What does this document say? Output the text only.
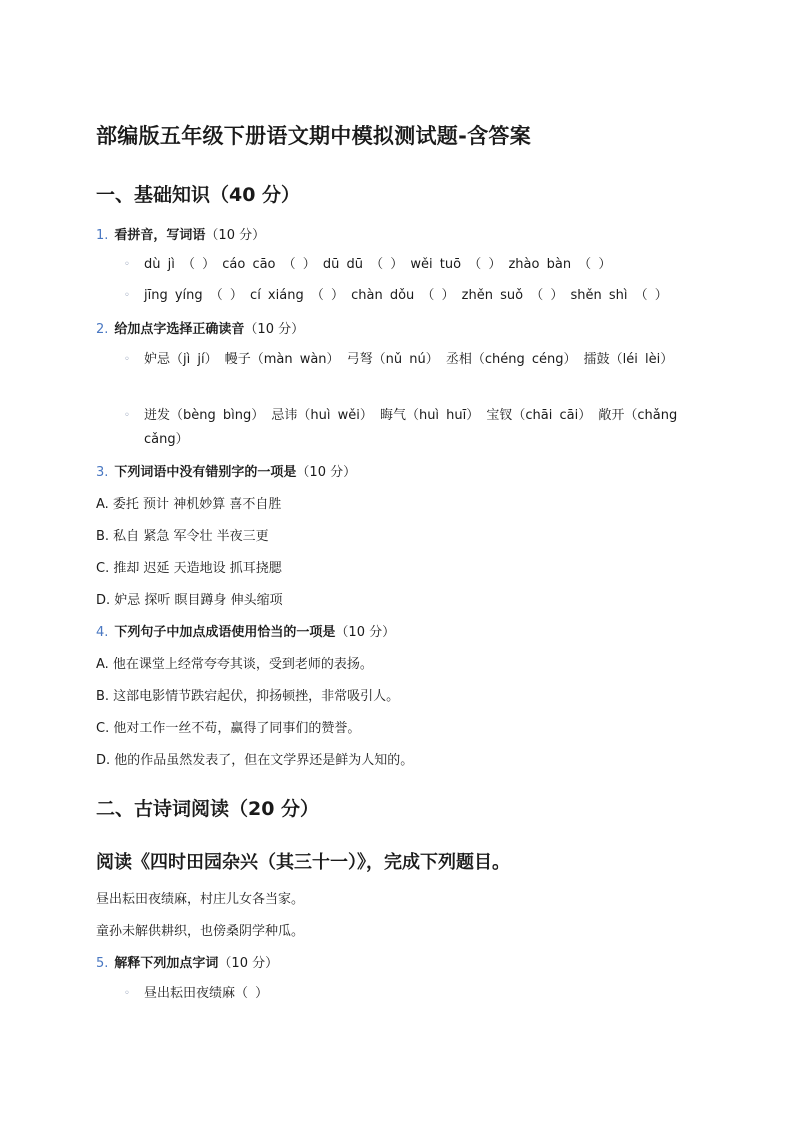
部编版五年级下册语文期中模拟测试题-含答案
一、基础知识（40 分）
1. 看拼音，写词语（10 分）
◦ dù jì （ ） cáo cāo （ ） dū dū （ ） wěi tuō （ ） zhào bàn （ ）
◦ jīng yíng （ ） cí xiáng （ ） chàn dǒu （ ） zhěn suǒ （ ） shěn shì （ ）
2. 给加点字选择正确读音（10 分）
◦ 妒忌（jì jí） 幔子（màn wàn） 弓弩（nǔ nú） 丞相（chéng céng） 擂鼓（léi lèi）
◦ 迸发（bèng bìng） 忌讳（huì wěi） 晦气（huì huī） 宝钗（chāi cāi） 敞开（chǎng cǎng）
3. 下列词语中没有错别字的一项是（10 分）
A. 委托 预计 神机妙算 喜不自胜
B. 私自 紧急 军令壮 半夜三更
C. 推却 迟延 天造地设 抓耳挠腮
D. 妒忌 探听 瞑目蹲身 伸头缩项
4. 下列句子中加点成语使用恰当的一项是（10 分）
A. 他在课堂上经常夸夸其谈，受到老师的表扬。
B. 这部电影情节跌宕起伏，抑扬顿挫，非常吸引人。
C. 他对工作一丝不苟，赢得了同事们的赞誉。
D. 他的作品虽然发表了，但在文学界还是鲜为人知的。
二、古诗词阅读（20 分）
阅读《四时田园杂兴（其三十一）》，完成下列题目。
昼出耘田夜绩麻，村庄儿女各当家。
童孙未解供耕织，也傍桑阴学种瓜。
5. 解释下列加点字词（10 分）
◦ 昼出耘田夜绩麻（ ）
